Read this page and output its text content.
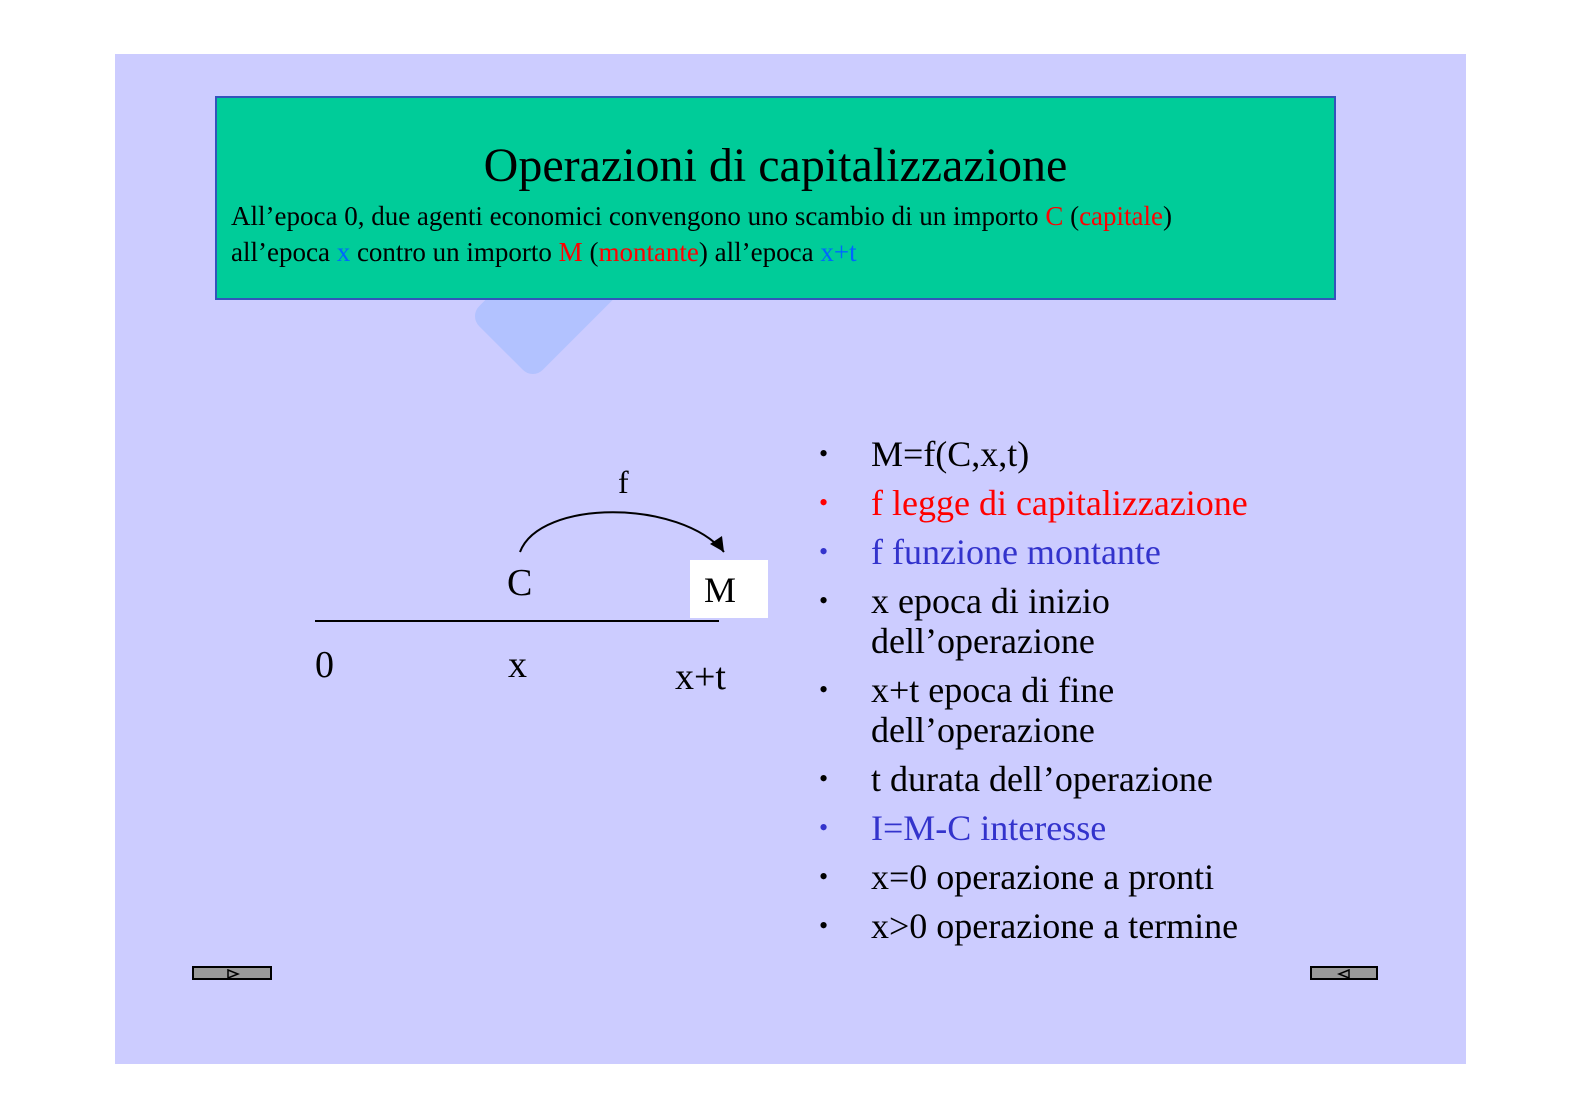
Operazioni di capitalizzazione
All’epoca 0, due agenti economici convengono uno scambio di un importo C (capitale)
all’epoca x contro un importo M (montante) all’epoca x+t
f
C	M
0	x	x+t
• M=f(C,x,t)
• f legge di capitalizzazione
• f funzione montante
• x epoca di inizio
dell’operazione
• x+t epoca di fine
dell’operazione
• t durata dell’operazione
• I=M-C interesse
• x=0 operazione a pronti
• x>0 operazione a termine
